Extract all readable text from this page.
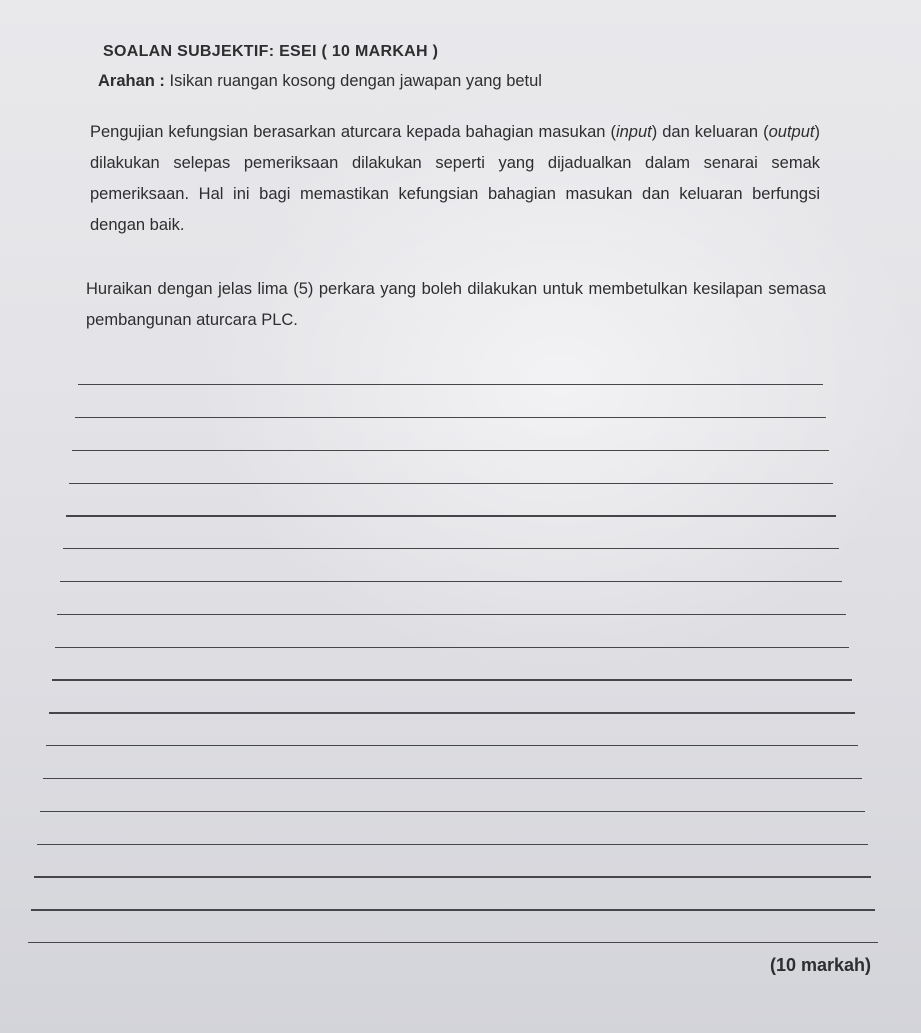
SOALAN SUBJEKTIF: ESEI ( 10 MARKAH )

Arahan : Isikan ruangan kosong dengan jawapan yang betul

Pengujian kefungsian berasarkan aturcara kepada bahagian masukan (input) dan keluaran (output) dilakukan selepas pemeriksaan dilakukan seperti yang dijadualkan dalam senarai semak pemeriksaan. Hal ini bagi memastikan kefungsian bahagian masukan dan keluaran berfungsi dengan baik.

Huraikan dengan jelas lima (5) perkara yang boleh dilakukan untuk membetulkan kesilapan semasa pembangunan aturcara PLC.

(10 markah)
